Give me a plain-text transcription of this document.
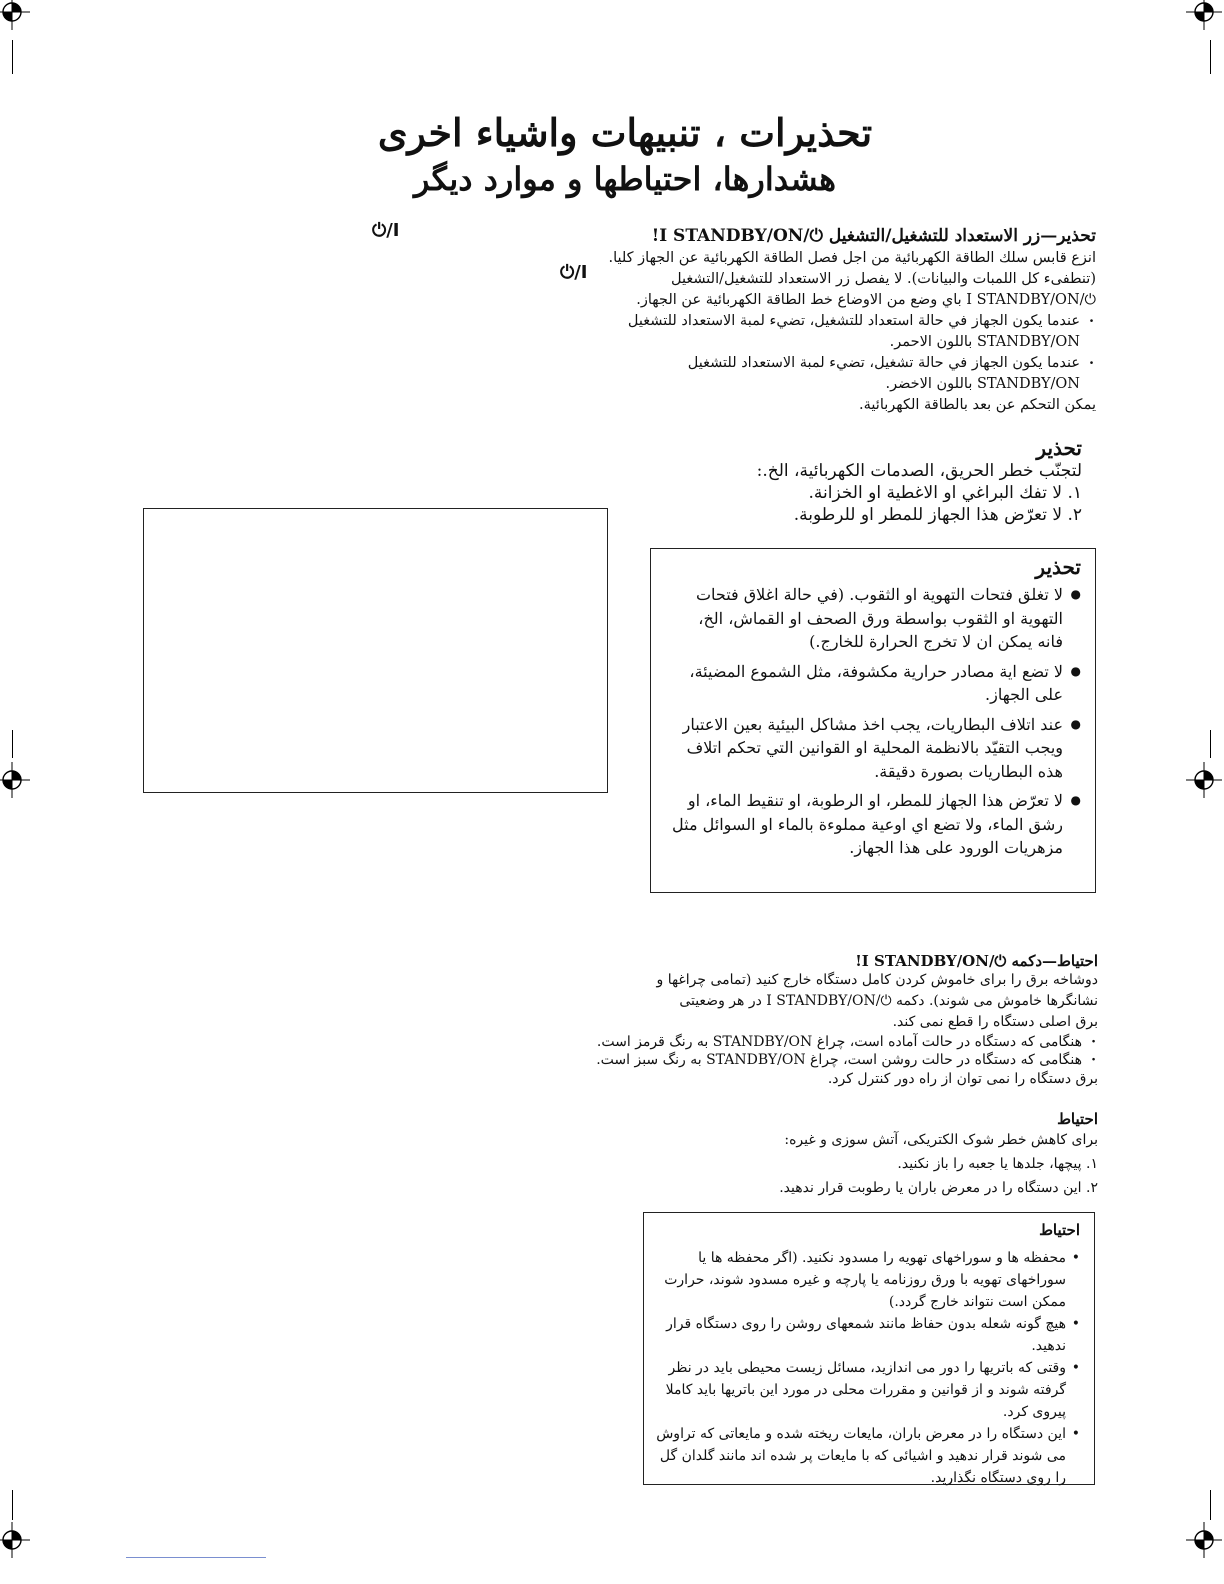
تحذيرات ، تنبيهات واشياء اخرى
هشدارها، احتیاطها و موارد دیگر
⏻/I
⏻/I

تحذير—زر الاستعداد للتشغيل/التشغيل ⏻/I STANDBY/ON!

انزع قابس سلك الطاقة الكهربائية من اجل فصل الطاقة الكهربائية عن الجهاز كليا.

(تنطفىء كل اللمبات والبيانات). لا يفصل زر الاستعداد للتشغيل/التشغيل

⏻/I STANDBY/ON باي وضع من الاوضاع خط الطاقة الكهربائية عن الجهاز.

· عندما يكون الجهاز في حالة استعداد للتشغيل، تضيء لمبة الاستعداد للتشغيل

STANDBY/ON باللون الاحمر.

· عندما يكون الجهاز في حالة تشغيل، تضيء لمبة الاستعداد للتشغيل

STANDBY/ON باللون الاخضر.

يمكن التحكم عن بعد بالطاقة الكهربائية.

تحذير

لتجنّب خطر الحريق، الصدمات الكهربائية، الخ.:

١. لا تفك البراغي او الاغطية او الخزانة.

٢. لا تعرّض هذا الجهاز للمطر او للرطوبة.

تحذير

● لا تغلق فتحات التهوية او الثقوب. (في حالة اغلاق فتحات التهوية او الثقوب بواسطة ورق الصحف او القماش، الخ، فانه يمكن ان لا تخرج الحرارة للخارج.)
● لا تضع اية مصادر حرارية مكشوفة، مثل الشموع المضيئة، على الجهاز.
● عند اتلاف البطاريات، يجب اخذ مشاكل البيئية بعين الاعتبار ويجب التقيّد بالانظمة المحلية او القوانين التي تحكم اتلاف هذه البطاريات بصورة دقيقة.
● لا تعرّض هذا الجهاز للمطر، او الرطوبة، او تنقيط الماء، او رشق الماء، ولا تضع اي اوعية مملوءة بالماء او السوائل مثل مزهريات الورود على هذا الجهاز.

احتیاط—دکمه ⏻/I STANDBY/ON!

دوشاخه برق را برای خاموش کردن کامل دستگاه خارج کنید (تمامی چراغها و

نشانگرها خاموش می شوند). دکمه ⏻/I STANDBY/ON در هر وضعیتی

برق اصلی دستگاه را قطع نمی کند.

· هنگامی که دستگاه در حالت آماده است، چراغ STANDBY/ON به رنگ قرمز است.

· هنگامی که دستگاه در حالت روشن است، چراغ STANDBY/ON به رنگ سبز است.

برق دستگاه را نمی توان از راه دور کنترل کرد.

احتیاط

برای کاهش خطر شوک الکتریکی، آتش سوزی و غیره:

١. پیچها، جلدها یا جعبه را باز نکنید.

٢. این دستگاه را در معرض باران یا رطوبت قرار ندهید.

احتیاط

• محفظه ها و سوراخهای تهویه را مسدود نکنید. (اگر محفظه ها یا سوراخهای تهویه با ورق روزنامه یا پارچه و غیره مسدود شوند، حرارت ممکن است نتواند خارج گردد.)

• هیچ گونه شعله بدون حفاظ مانند شمعهای روشن را روی دستگاه قرار ندهید.

• وقتی که باتریها را دور می اندازید، مسائل زیست محیطی باید در نظر گرفته شوند و از قوانین و مقررات محلی در مورد این باتریها باید کاملا پیروی کرد.

• این دستگاه را در معرض باران، مایعات ریخته شده و مایعاتی که تراوش می شوند قرار ندهید و اشیائی که با مایعات پر شده اند مانند گلدان گل را روی دستگاه نگذارید.
